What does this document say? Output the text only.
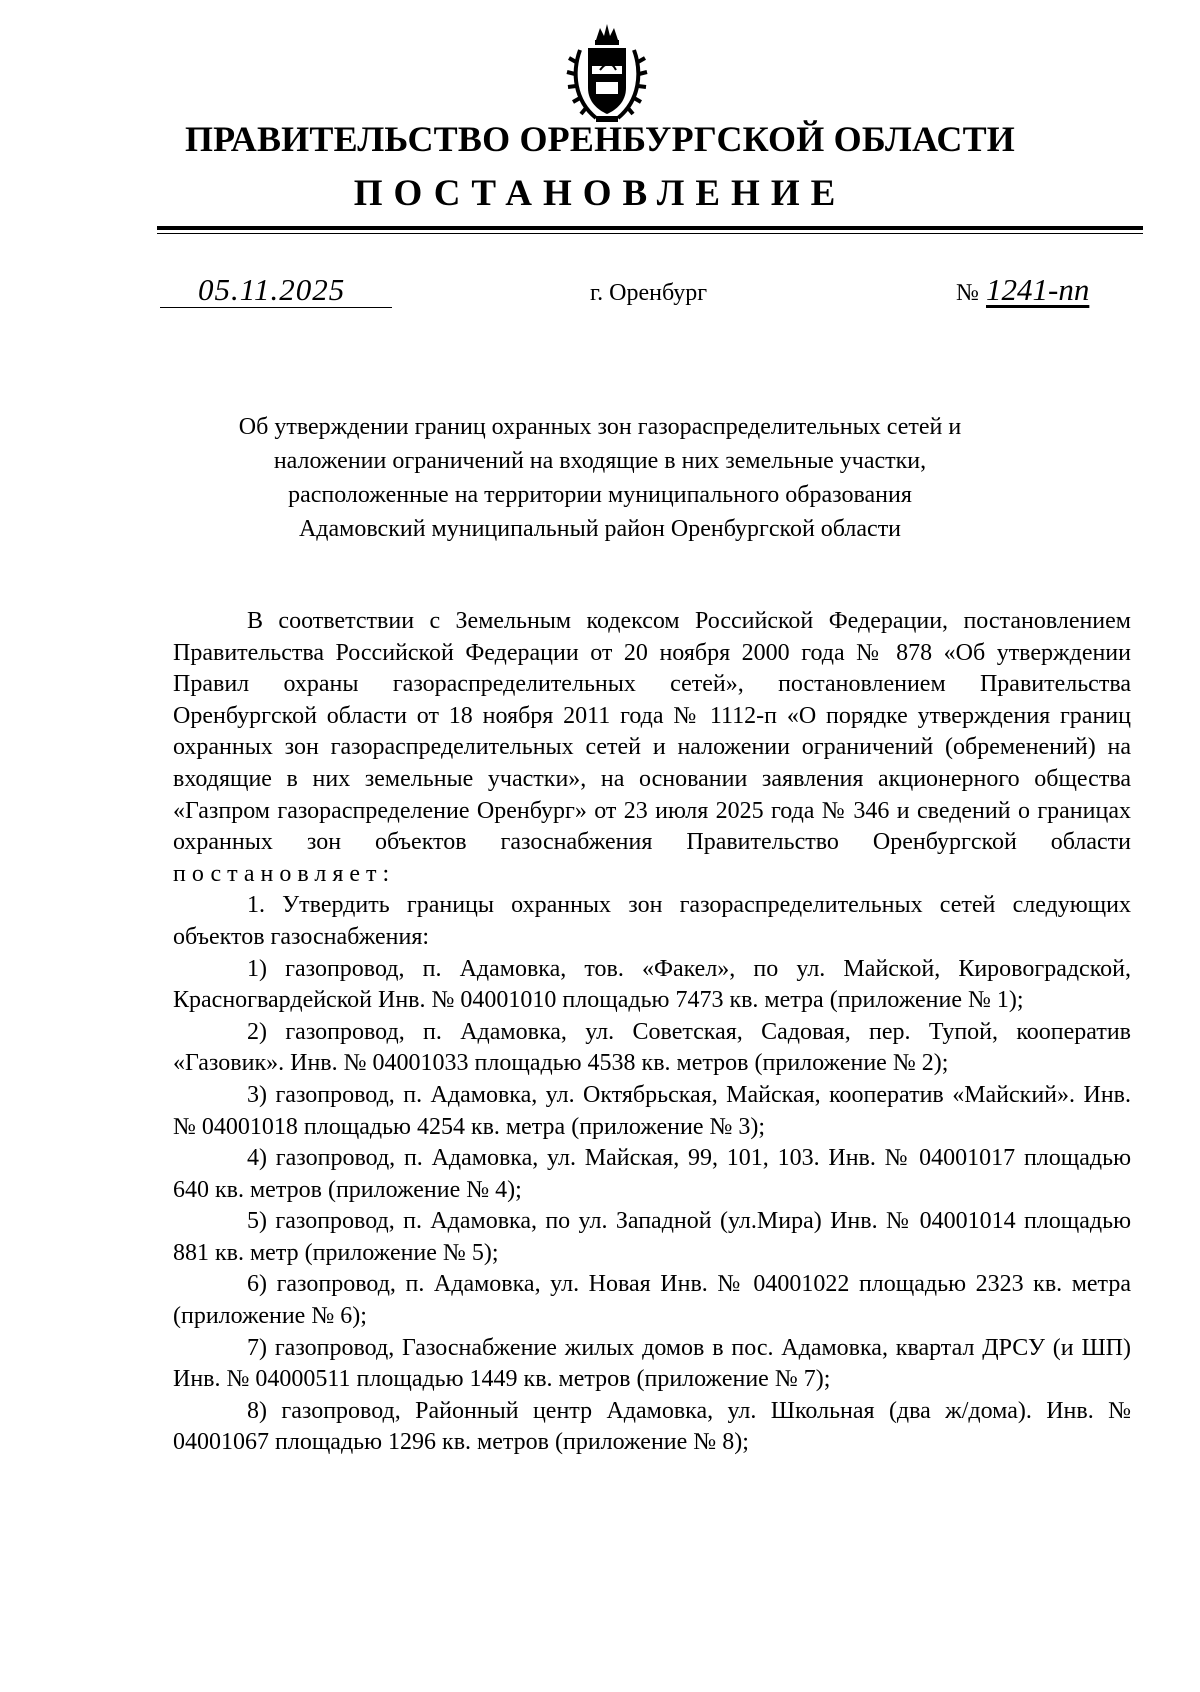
ПРАВИТЕЛЬСТВО ОРЕНБУРГСКОЙ ОБЛАСТИ
ПОСТАНОВЛЕНИЕ
05.11.2025	г. Оренбург	№ 1241-пп
Об утверждении границ охранных зон газораспределительных сетей и
наложении ограничений на входящие в них земельные участки,
расположенные на территории муниципального образования
Адамовский муниципальный район Оренбургской области

В соответствии с Земельным кодексом Российской Федерации, постановлением Правительства Российской Федерации от 20 ноября 2000 года № 878 «Об утверждении Правил охраны газораспределительных сетей», постановлением Правительства Оренбургской области от 18 ноября 2011 года № 1112-п «О порядке утверждения границ охранных зон газораспределительных сетей и наложении ограничений (обременений) на входящие в них земельные участки», на основании заявления акционерного общества «Газпром газораспределение Оренбург» от 23 июля 2025 года № 346 и сведений о границах охранных зон объектов газоснабжения Правительство Оренбургской области постановляет:

1. Утвердить границы охранных зон газораспределительных сетей следующих объектов газоснабжения:

1) газопровод, п. Адамовка, тов. «Факел», по ул. Майской, Кировоградской, Красногвардейской Инв. № 04001010 площадью 7473 кв. метра (приложение № 1);

2) газопровод, п. Адамовка, ул. Советская, Садовая, пер. Тупой, кооператив «Газовик». Инв. № 04001033 площадью 4538 кв. метров (приложение № 2);

3) газопровод, п. Адамовка, ул. Октябрьская, Майская, кооператив «Майский». Инв. № 04001018 площадью 4254 кв. метра (приложение № 3);

4) газопровод, п. Адамовка, ул. Майская, 99, 101, 103. Инв. № 04001017 площадью 640 кв. метров (приложение № 4);

5) газопровод, п. Адамовка, по ул. Западной (ул.Мира) Инв. № 04001014 площадью 881 кв. метр (приложение № 5);

6) газопровод, п. Адамовка, ул. Новая Инв. № 04001022 площадью 2323 кв. метра (приложение № 6);

7) газопровод, Газоснабжение жилых домов в пос. Адамовка, квартал ДРСУ (и ШП) Инв. № 04000511 площадью 1449 кв. метров (приложение № 7);

8) газопровод, Районный центр Адамовка, ул. Школьная (два ж/дома). Инв. № 04001067 площадью 1296 кв. метров (приложение № 8);
